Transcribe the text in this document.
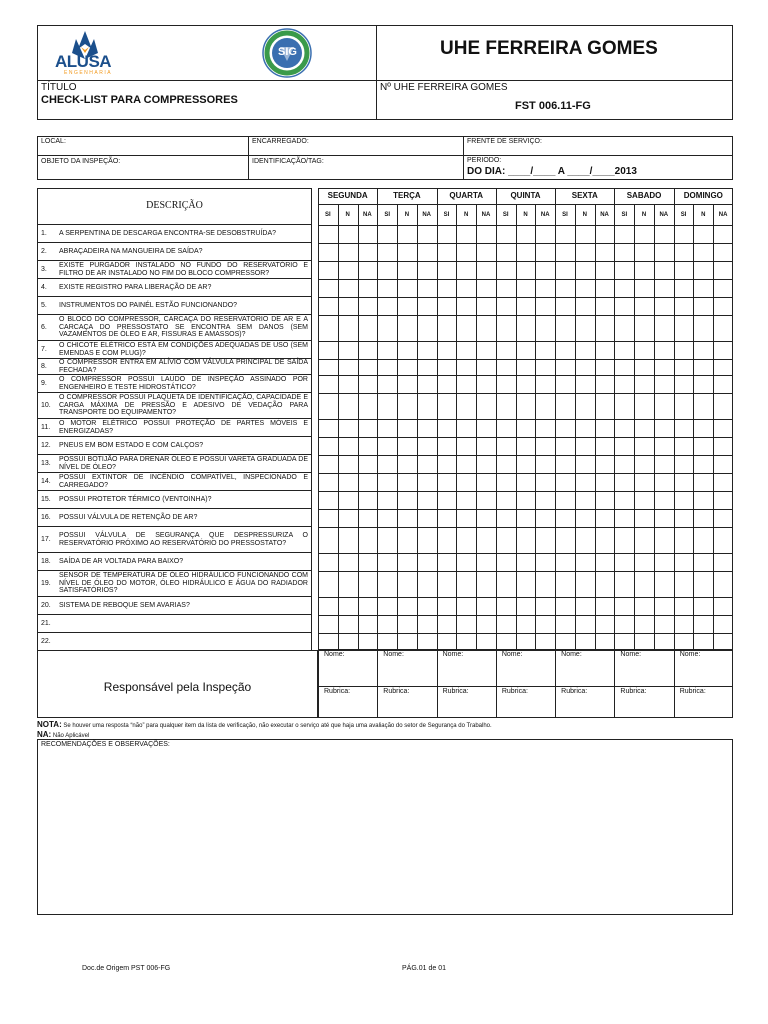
ALUSA
ENGENHARIA
SIG	UHE FERREIRA GOMES
TÍTULO
CHECK-LIST PARA COMPRESSORES
Nº UHE FERREIRA GOMES
FST 006.11-FG
LOCAL:	ENCARREGADO:	FRENTE DE SERVIÇO:
OBJETO DA INSPEÇÃO:	IDENTIFICAÇÃO/TAG:	PERIODO:
DO DIA: ____/____ A ____/____2013
DESCRIÇÃO
1. A SERPENTINA DE DESCARGA ENCONTRA-SE DESOBSTRUÍDA?
2. ABRAÇADEIRA NA MANGUEIRA DE SAÍDA?
3.
EXISTE PURGADOR INSTALADO NO FUNDO DO RESERVATÓRIO E FILTRO DE AR INSTALADO NO FIM DO BLOCO COMPRESSOR?
4. EXISTE REGISTRO PARA LIBERAÇÃO DE AR?
5. INSTRUMENTOS DO PAINÉL ESTÃO FUNCIONANDO?
6.
O BLOCO DO COMPRESSOR, CARCAÇA DO RESERVATÓRIO DE AR E A CARCAÇA DO PRESSOSTATO SE ENCONTRA SEM DANOS (SEM VAZAMENTOS DE ÓLEO E AR, FISSURAS E AMASSOS)?
7.
O CHICOTE ELÉTRICO ESTÁ EM CONDIÇÕES ADEQUADAS DE USO (SEM EMENDAS E COM PLUG)?
8.
O COMPRESSOR ENTRA EM ALÍVIO COM VÁLVULA PRINCIPAL DE SAÍDA FECHADA?
9.
O COMPRESSOR POSSUI LAUDO DE INSPEÇÃO ASSINADO POR ENGENHEIRO E TESTE HIDROSTÁTICO?
10.
O COMPRESSOR POSSUI PLAQUETA DE IDENTIFICAÇÃO, CAPACIDADE E CARGA MÁXIMA DE PRESSÃO E ADESIVO DE VEDAÇÃO PARA TRANSPORTE DO EQUIPAMENTO?
11.
O MOTOR ELÉTRICO POSSUI PROTEÇÃO DE PARTES MÓVEIS E ENERGIZADAS?
12. PNEUS EM BOM ESTADO E COM CALÇOS?
13.
POSSUI BOTIJÃO PARA DRENAR ÓLEO E POSSUI VARETA GRADUADA DE NÍVEL DE ÓLEO?
14.
POSSUI EXTINTOR DE INCÊNDIO COMPATÍVEL, INSPECIONADO E CARREGADO?
15. POSSUI PROTETOR TÉRMICO (VENTOINHA)?
16. POSSUI VÁLVULA DE RETENÇÃO DE AR?
17.
POSSUI VÁLVULA DE SEGURANÇA QUE DESPRESSURIZA O RESERVATÓRIO PRÓXIMO AO RESERVATÓRIO DO PRESSOSTATO?
18. SAÍDA DE AR VOLTADA PARA BAIXO?
19.
SENSOR DE TEMPERATURA DE ÓLEO HIDRÁULICO FUNCIONANDO COM NÍVEL DE ÓLEO DO MOTOR, ÓLEO HIDRÁULICO E ÁGUA DO RADIADOR SATISFATÓRIOS?
20. SISTEMA DE REBOQUE SEM AVARIAS?
21.
22.
SEGUNDA
SI	N	NA
TERÇA
SI	N	NA
QUARTA
SI	N	NA
QUINTA
SI	N	NA
SEXTA
SI	N	NA
SABADO
SI	N	NA
DOMINGO
SI	N	NA
Responsável pela Inspeção
Nome:
Rubrica:
Nome:
Rubrica:
Nome:
Rubrica:
Nome:
Rubrica:
Nome:
Rubrica:
Nome:
Rubrica:
Nome:
Rubrica:
NOTA: Se houver uma resposta “não” para qualquer item da lista de verificação, não executar o serviço até que haja uma avaliação do setor de Segurança do Trabalho.
NA: Não Aplicável
RECOMENDAÇÕES E OBSERVAÇÕES:
Doc.de Origem PST 006-FG	PÁG.01 de 01
